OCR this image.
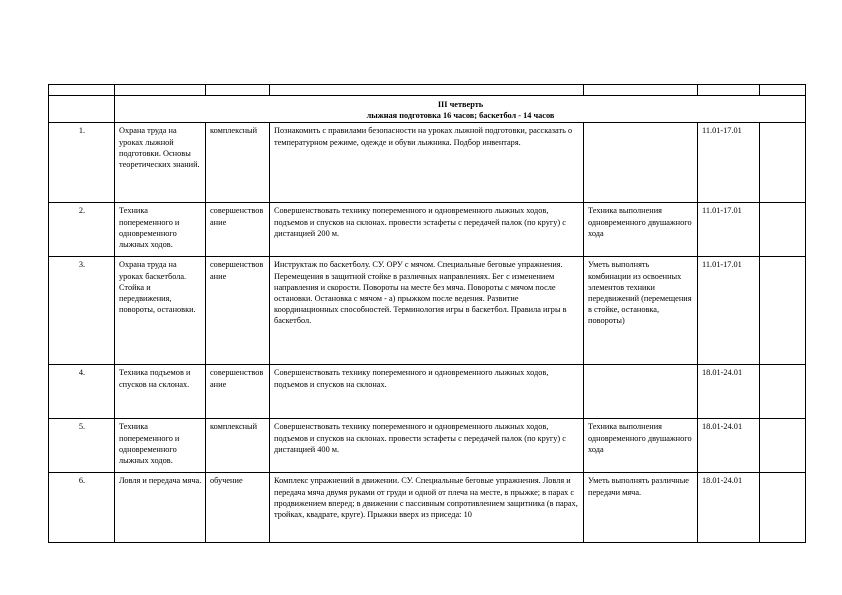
	III четверть
лыжная подготовка 16 часов; баскетбол - 14 часов					

1.	Охрана труда на уроках лыжной подготовки. Основы теоретических знаний.	комплексный	Познакомить с правилами безопасности на уроках лыжной подготовки, рассказать о температурном режиме, одежде и обуви лыжника. Подбор инвентаря.		11.01-17.01	
2.	Техника попеременного и одновременного лыжных ходов.	совершенствование	Совершенствовать технику попеременного и одновременного лыжных ходов, подъемов и спусков на склонах. провести эстафеты с передачей палок (по кругу) с дистанцией 200 м.	Техника выполнения одновременного двушажного хода	11.01-17.01	
3.	Охрана труда на уроках баскетбола. Стойка и передвижения, повороты, остановки.	совершенствование	Инструктаж по баскетболу. СУ. ОРУ с мячом. Специальные беговые упражнения. Перемещения в защитной стойке в различных направлениях. Бег с изменением направления и скорости. Повороты на месте без мяча. Повороты с мячом после остановки. Остановка с мячом - а) прыжком после ведения. Развитие координационных способностей. Терминология игры в баскетбол. Правила игры в баскетбол.	Уметь выполнять комбинации из освоенных элементов техники передвижений (перемещения в стойке, остановка, повороты)	11.01-17.01	
4.	Техника подъемов и спусков на склонах.	совершенствование	Совершенствовать технику попеременного и одновременного лыжных ходов, подъемов и спусков на склонах.		18.01-24.01	
5.	Техника попеременного и одновременного лыжных ходов.	комплексный	Совершенствовать технику попеременного и одновременного лыжных ходов, подъемов и спусков на склонах. провести эстафеты с передачей палок (по кругу) с дистанцией 400 м.	Техника выполнения одновременного двушажного хода	18.01-24.01	
6.	Ловля и передача мяча.	обучение	Комплекс упражнений в движении. СУ. Специальные беговые упражнения. Ловля и передача мяча двумя руками от груди и одной от плеча на месте, в прыжке; в парах с продвижением вперед; в движении с пассивным сопротивлением защитника (в парах, тройках, квадрате, круге). Прыжки вверх из приседа: 10	Уметь выполнять различные передачи мяча.	18.01-24.01	
